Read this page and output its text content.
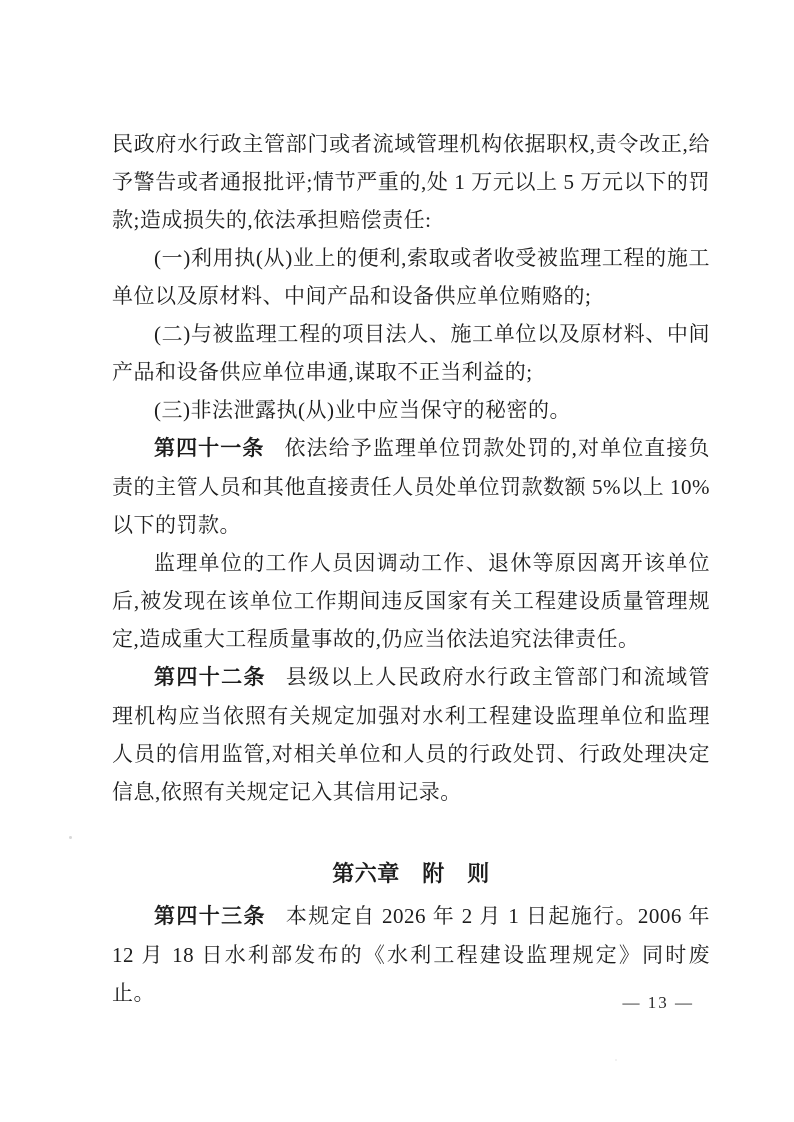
民政府水行政主管部门或者流域管理机构依据职权,责令改正,给予警告或者通报批评;情节严重的,处 1 万元以上 5 万元以下的罚款;造成损失的,依法承担赔偿责任:

(一)利用执(从)业上的便利,索取或者收受被监理工程的施工单位以及原材料、中间产品和设备供应单位贿赂的;

(二)与被监理工程的项目法人、施工单位以及原材料、中间产品和设备供应单位串通,谋取不正当利益的;

(三)非法泄露执(从)业中应当保守的秘密的。

第四十一条 依法给予监理单位罚款处罚的,对单位直接负责的主管人员和其他直接责任人员处单位罚款数额 5%以上 10%以下的罚款。

监理单位的工作人员因调动工作、退休等原因离开该单位后,被发现在该单位工作期间违反国家有关工程建设质量管理规定,造成重大工程质量事故的,仍应当依法追究法律责任。

第四十二条 县级以上人民政府水行政主管部门和流域管理机构应当依照有关规定加强对水利工程建设监理单位和监理人员的信用监管,对相关单位和人员的行政处罚、行政处理决定信息,依照有关规定记入其信用记录。

第六章　附　则

第四十三条 本规定自 2026 年 2 月 1 日起施行。2006 年 12 月 18 日水利部发布的《水利工程建设监理规定》同时废止。	— 13 —
